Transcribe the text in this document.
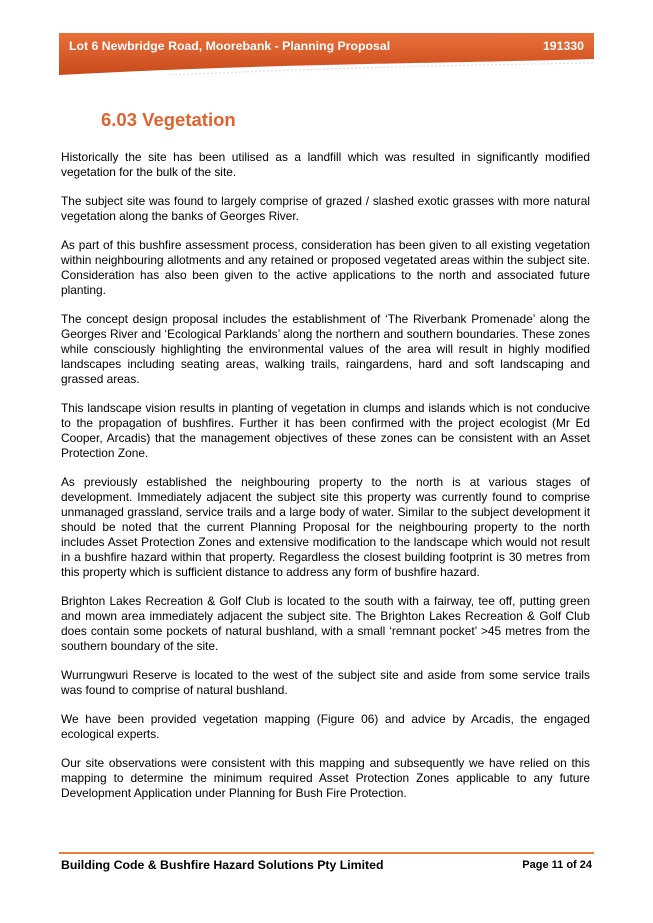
Lot 6 Newbridge Road, Moorebank - Planning Proposal	191330
6.03 Vegetation

Historically the site has been utilised as a landfill which was resulted in significantly modified vegetation for the bulk of the site.

The subject site was found to largely comprise of grazed / slashed exotic grasses with more natural vegetation along the banks of Georges River.

As part of this bushfire assessment process, consideration has been given to all existing vegetation within neighbouring allotments and any retained or proposed vegetated areas within the subject site. Consideration has also been given to the active applications to the north and associated future planting.

The concept design proposal includes the establishment of ‘The Riverbank Promenade’ along the Georges River and ‘Ecological Parklands’ along the northern and southern boundaries. These zones while consciously highlighting the environmental values of the area will result in highly modified landscapes including seating areas, walking trails, raingardens, hard and soft landscaping and grassed areas.

This landscape vision results in planting of vegetation in clumps and islands which is not conducive to the propagation of bushfires. Further it has been confirmed with the project ecologist (Mr Ed Cooper, Arcadis) that the management objectives of these zones can be consistent with an Asset Protection Zone.

As previously established the neighbouring property to the north is at various stages of development. Immediately adjacent the subject site this property was currently found to comprise unmanaged grassland, service trails and a large body of water. Similar to the subject development it should be noted that the current Planning Proposal for the neighbouring property to the north includes Asset Protection Zones and extensive modification to the landscape which would not result in a bushfire hazard within that property. Regardless the closest building footprint is 30 metres from this property which is sufficient distance to address any form of bushfire hazard.

Brighton Lakes Recreation & Golf Club is located to the south with a fairway, tee off, putting green and mown area immediately adjacent the subject site. The Brighton Lakes Recreation & Golf Club does contain some pockets of natural bushland, with a small ‘remnant pocket’ >45 metres from the southern boundary of the site.

Wurrungwuri Reserve is located to the west of the subject site and aside from some service trails was found to comprise of natural bushland.

We have been provided vegetation mapping (Figure 06) and advice by Arcadis, the engaged ecological experts.

Our site observations were consistent with this mapping and subsequently we have relied on this mapping to determine the minimum required Asset Protection Zones applicable to any future Development Application under Planning for Bush Fire Protection.

Building Code & Bushfire Hazard Solutions Pty Limited	Page 11 of 24
